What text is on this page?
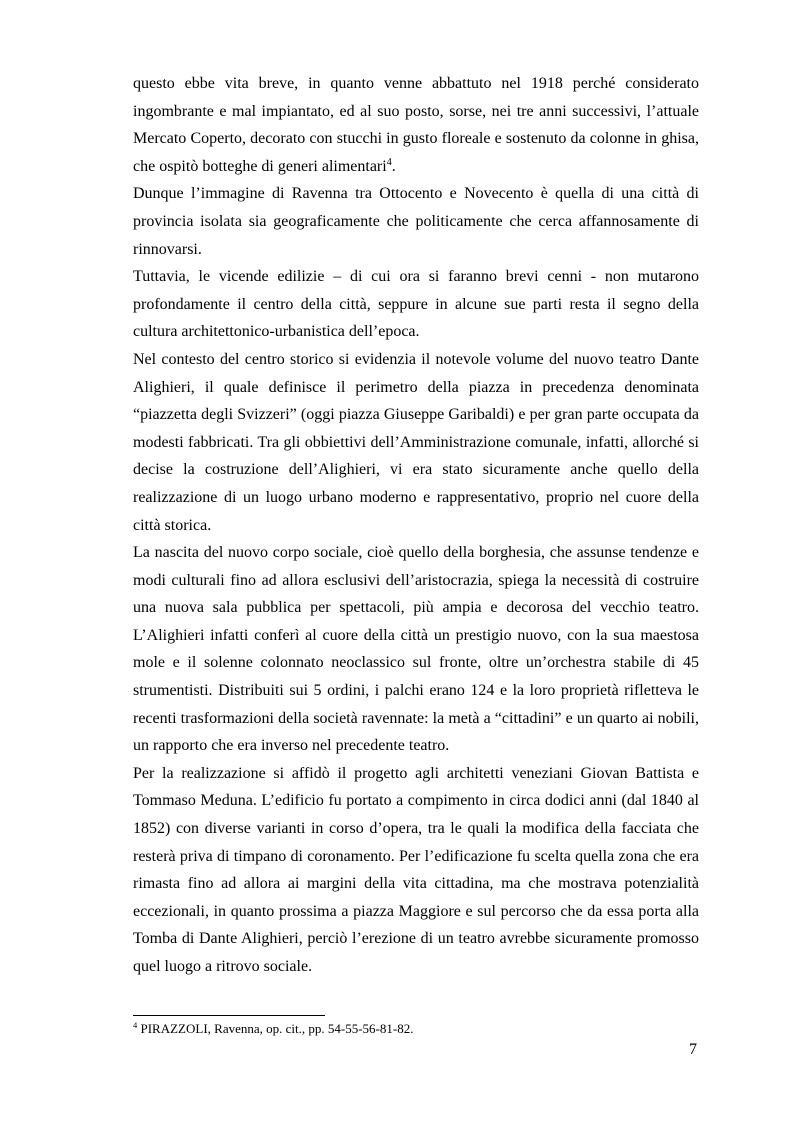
questo ebbe vita breve, in quanto venne abbattuto nel 1918 perché considerato ingombrante e mal impiantato, ed al suo posto, sorse, nei tre anni successivi, l’attuale Mercato Coperto, decorato con stucchi in gusto floreale e sostenuto da colonne in ghisa, che ospitò botteghe di generi alimentari$^4$.

Dunque l’immagine di Ravenna tra Ottocento e Novecento è quella di una città di provincia isolata sia geograficamente che politicamente che cerca affannosamente di rinnovarsi.

Tuttavia, le vicende edilizie – di cui ora si faranno brevi cenni - non mutarono profondamente il centro della città, seppure in alcune sue parti resta il segno della cultura architettonico-urbanistica dell’epoca.

Nel contesto del centro storico si evidenzia il notevole volume del nuovo teatro Dante Alighieri, il quale definisce il perimetro della piazza in precedenza denominata “piazzetta degli Svizzeri” (oggi piazza Giuseppe Garibaldi) e per gran parte occupata da modesti fabbricati. Tra gli obbiettivi dell’Amministrazione comunale, infatti, allorché si decise la costruzione dell’Alighieri, vi era stato sicuramente anche quello della realizzazione di un luogo urbano moderno e rappresentativo, proprio nel cuore della città storica.

La nascita del nuovo corpo sociale, cioè quello della borghesia, che assunse tendenze e modi culturali fino ad allora esclusivi dell’aristocrazia, spiega la necessità di costruire una nuova sala pubblica per spettacoli, più ampia e decorosa del vecchio teatro. L’Alighieri infatti conferì al cuore della città un prestigio nuovo, con la sua maestosa mole e il solenne colonnato neoclassico sul fronte, oltre un’orchestra stabile di 45 strumentisti. Distribuiti sui 5 ordini, i palchi erano 124 e la loro proprietà rifletteva le recenti trasformazioni della società ravennate: la metà a “cittadini” e un quarto ai nobili, un rapporto che era inverso nel precedente teatro.

Per la realizzazione si affidò il progetto agli architetti veneziani Giovan Battista e Tommaso Meduna. L’edificio fu portato a compimento in circa dodici anni (dal 1840 al 1852) con diverse varianti in corso d’opera, tra le quali la modifica della facciata che resterà priva di timpano di coronamento. Per l’edificazione fu scelta quella zona che era rimasta fino ad allora ai margini della vita cittadina, ma che mostrava potenzialità eccezionali, in quanto prossima a piazza Maggiore e sul percorso che da essa porta alla Tomba di Dante Alighieri, perciò l’erezione di un teatro avrebbe sicuramente promosso quel luogo a ritrovo sociale.

$^4$ PIRAZZOLI, Ravenna, op. cit., pp. 54-55-56-81-82.
7
